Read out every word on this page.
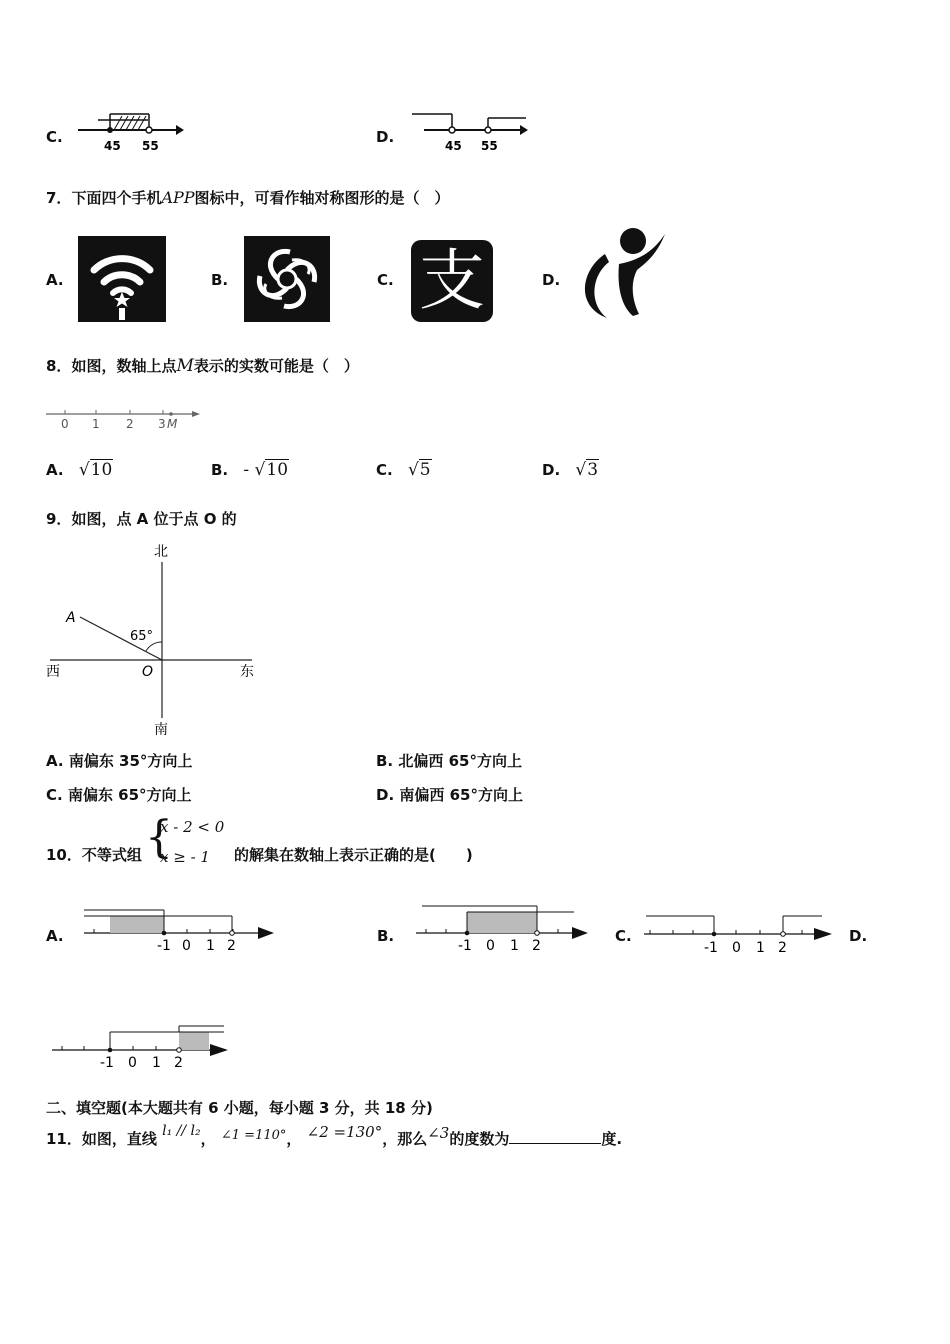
C.	45 55	D.	45 55
7．下面四个手机APP图标中，可看作轴对称图形的是（　）
A.	B.	C. 支	D.
8．如图，数轴上点M表示的实数可能是（　）
0 1 2 3 M
A. √10	B. - √10	C. √5	D. √3
9．如图，点 A 位于点 O 的
北
南
西	东
A
O
65°
A. 南偏东 35°方向上	B. 北偏西 65°方向上
C. 南偏东 65°方向上	D. 南偏西 65°方向上
10．不等式组 {
x - 2 < 0
x ≥ - 1 的解集在数轴上表示正确的是(　　)
A.
-1 0 1 2
B.
-1 0 1 2
C.
-1 0 1 2
D.
-1 0 1 2
二、填空题(本大题共有 6 小题，每小题 3 分，共 18 分)
11．如图，直线 l₁ // l₂， ∠1 =110°， ∠2 =130°，那么∠3的度数为	度.
